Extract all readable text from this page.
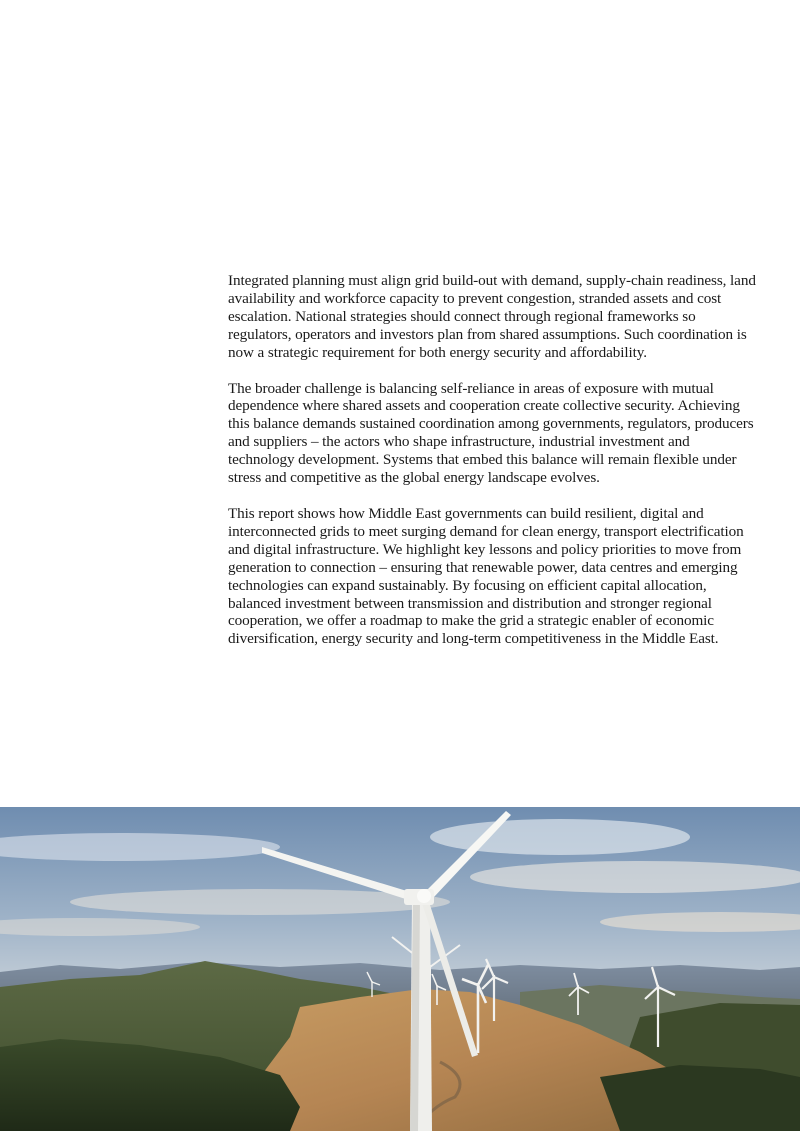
Integrated planning must align grid build-out with demand, supply-chain readiness, land availability and workforce capacity to prevent congestion, stranded assets and cost escalation. National strategies should connect through regional frameworks so regulators, operators and investors plan from shared assumptions. Such coordination is now a strategic requirement for both energy security and affordability.

The broader challenge is balancing self-reliance in areas of exposure with mutual dependence where shared assets and cooperation create collective security. Achieving this balance demands sustained coordination among governments, regulators, producers and suppliers – the actors who shape infrastructure, industrial investment and technology development. Systems that embed this balance will remain flexible under stress and competitive as the global energy landscape evolves.

This report shows how Middle East governments can build resilient, digital and interconnected grids to meet surging demand for clean energy, transport electrification and digital infrastructure. We highlight key lessons and policy priorities to move from generation to connection – ensuring that renewable power, data centres and emerging technologies can expand sustainably. By focusing on efficient capital allocation, balanced investment between transmission and distribution and stronger regional cooperation, we offer a roadmap to make the grid a strategic enabler of economic diversification, energy security and long-term competitiveness in the Middle East.
